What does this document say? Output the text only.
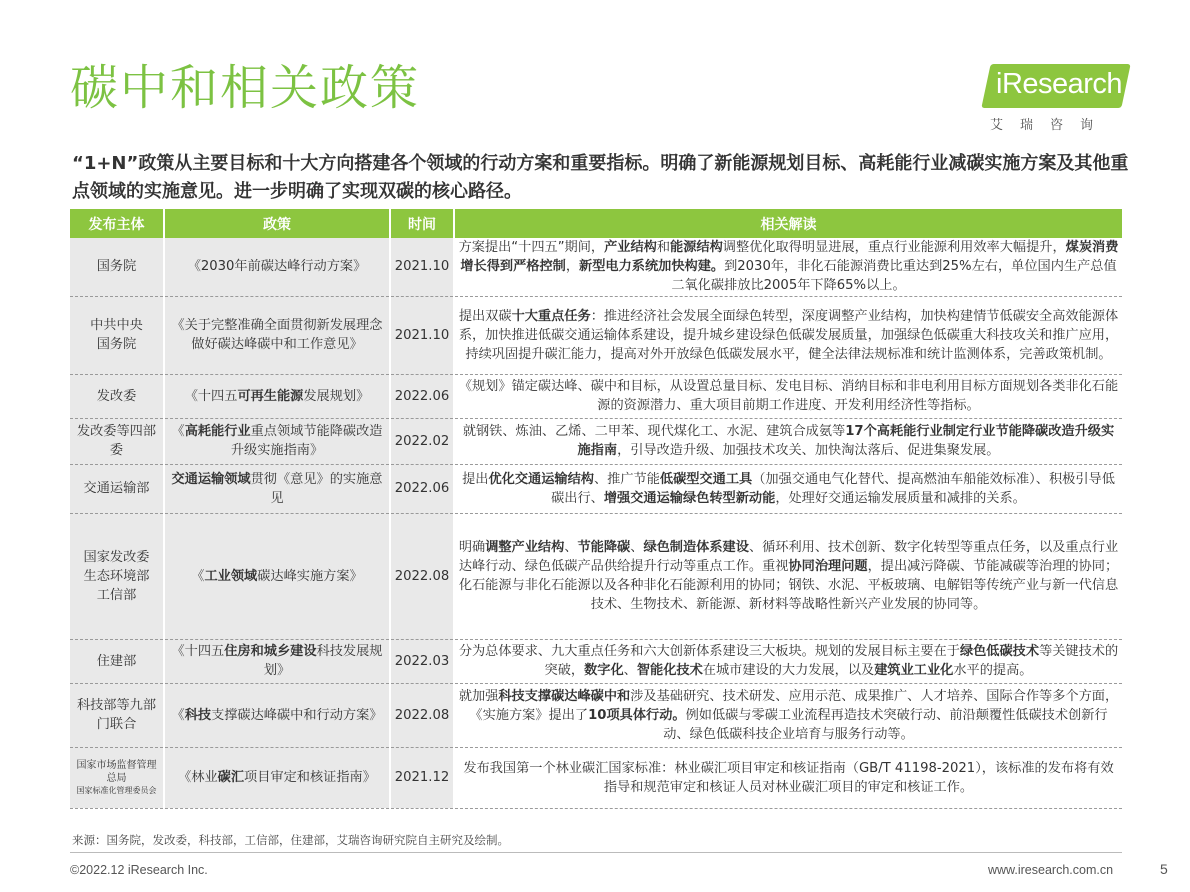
碳中和相关政策	iResearch
艾瑞咨询
“1+N”政策从主要目标和十大方向搭建各个领域的行动方案和重要指标。明确了新能源规划目标、高耗能行业减碳实施方案及其他重点领域的实施意见。进一步明确了实现双碳的核心路径。
发布主体	政策	时间	相关解读
国务院	《2030年前碳达峰行动方案》	2021.10	方案提出“十四五”期间，产业结构和能源结构调整优化取得明显进展，重点行业能源利用效率大幅提升，煤炭消费增长得到严格控制，新型电力系统加快构建。到2030年，非化石能源消费比重达到25%左右，单位国内生产总值二氧化碳排放比2005年下降65%以上。
中共中央
国务院	《关于完整准确全面贯彻新发展理念做好碳达峰碳中和工作意见》	2021.10	提出双碳十大重点任务：推进经济社会发展全面绿色转型，深度调整产业结构，加快构建情节低碳安全高效能源体系，加快推进低碳交通运输体系建设，提升城乡建设绿色低碳发展质量，加强绿色低碳重大科技攻关和推广应用，持续巩固提升碳汇能力，提高对外开放绿色低碳发展水平，健全法律法规标准和统计监测体系，完善政策机制。
发改委	《十四五可再生能源发展规划》	2022.06	《规划》锚定碳达峰、碳中和目标，从设置总量目标、发电目标、消纳目标和非电利用目标方面规划各类非化石能源的资源潜力、重大项目前期工作进度、开发利用经济性等指标。
发改委等四部委	《高耗能行业重点领域节能降碳改造升级实施指南》	2022.02	就钢铁、炼油、乙烯、二甲苯、现代煤化工、水泥、建筑合成氨等17个高耗能行业制定行业节能降碳改造升级实施指南，引导改造升级、加强技术攻关、加快淘汰落后、促进集聚发展。
交通运输部	交通运输领域贯彻《意见》的实施意见	2022.06	提出优化交通运输结构、推广节能低碳型交通工具（加强交通电气化替代、提高燃油车船能效标准）、积极引导低碳出行、增强交通运输绿色转型新动能，处理好交通运输发展质量和减排的关系。
国家发改委
生态环境部
工信部	《工业领域碳达峰实施方案》	2022.08	明确调整产业结构、节能降碳、绿色制造体系建设、循环利用、技术创新、数字化转型等重点任务，以及重点行业达峰行动、绿色低碳产品供给提升行动等重点工作。重视协同治理问题，提出减污降碳、节能减碳等治理的协同；化石能源与非化石能源以及各种非化石能源利用的协同；钢铁、水泥、平板玻璃、电解铝等传统产业与新一代信息技术、生物技术、新能源、新材料等战略性新兴产业发展的协同等。
住建部	《十四五住房和城乡建设科技发展规划》	2022.03	分为总体要求、九大重点任务和六大创新体系建设三大板块。规划的发展目标主要在于绿色低碳技术等关键技术的突破，数字化、智能化技术在城市建设的大力发展，以及建筑业工业化水平的提高。
科技部等九部门联合	《科技支撑碳达峰碳中和行动方案》	2022.08	就加强科技支撑碳达峰碳中和涉及基础研究、技术研发、应用示范、成果推广、人才培养、国际合作等多个方面，《实施方案》提出了10项具体行动。例如低碳与零碳工业流程再造技术突破行动、前沿颠覆性低碳技术创新行动、绿色低碳科技企业培育与服务行动等。

国家市场监督管理总局
国家标准化管理委员会	《林业碳汇项目审定和核证指南》	2021.12	发布我国第一个林业碳汇国家标准：林业碳汇项目审定和核证指南（GB/T 41198-2021），该标准的发布将有效指导和规范审定和核证人员对林业碳汇项目的审定和核证工作。
来源：国务院，发改委，科技部，工信部，住建部，艾瑞咨询研究院自主研究及绘制。
©2022.12 iResearch Inc.	www.iresearch.com.cn	5
